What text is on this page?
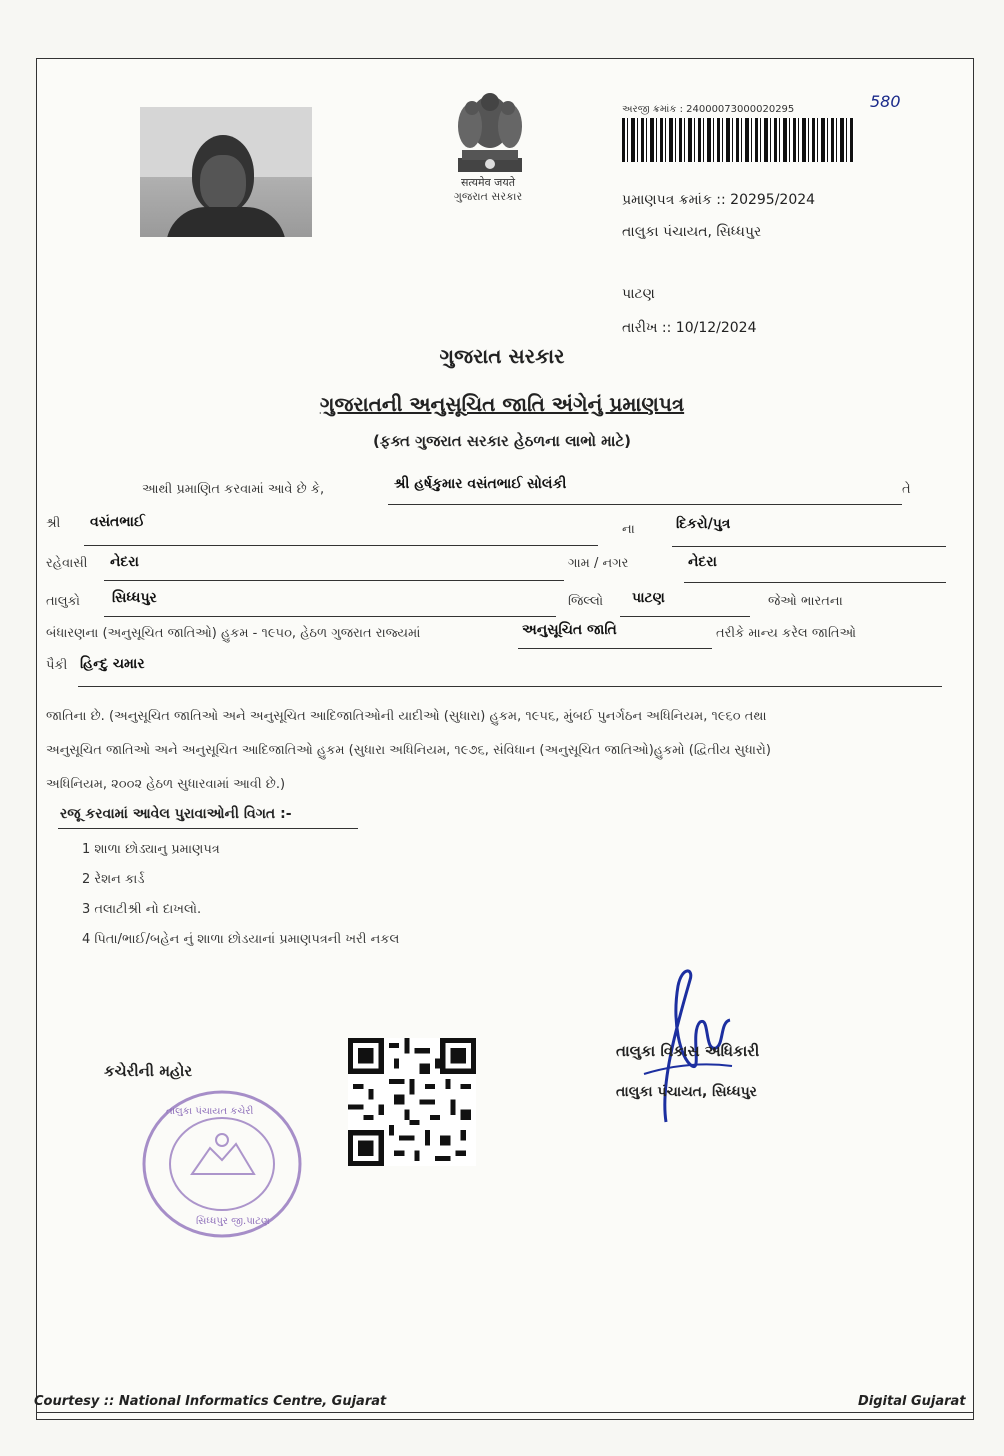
सत्यमेव जयते
ગુજરાત સરકાર
અરજી ક્રમાંક : 24000073000020295	580
પ્રમાણપત્ર ક્રમાંક :: 20295/2024
તાલુકા પંચાયત, સિધ્ધપુર
પાટણ
તારીખ :: 10/12/2024
ગુજરાત સરકાર
ગુજરાતની અનુસૂચિત જાતિ અંગેનું પ્રમાણપત્ર
(ફક્ત ગુજરાત સરકાર હેઠળના લાભો માટે)
આથી પ્રમાણિત કરવામાં આવે છે કે,	શ્રી હર્ષકુમાર વસંતભાઈ સોલંકી	તે
શ્રી વસંતભાઈ	ના	દિકરો/પુત્ર
રહેવાસી નેદરા	ગામ / નગર	નેદરા
તાલુકો સિધ્ધપુર	જિલ્લો પાટણ	જેઓ ભારતના
બંધારણના (અનુસૂચિત જાતિઓ) હુકમ - ૧૯૫૦, હેઠળ ગુજરાત રાજ્યમાં	અનુસૂચિત જાતિ	તરીકે માન્ય કરેલ જાતિઓ
પૈકી હિન્દુ ચમાર
જાતિના છે. (અનુસૂચિત જાતિઓ અને અનુસૂચિત આદિજાતિઓની યાદીઓ (સુધારા) હુકમ, ૧૯૫૬, મુંબઈ પુનર્ગઠન અધિનિયમ, ૧૯૬૦ તથા
અનુસૂચિત જાતિઓ અને અનુસૂચિત આદિજાતિઓ હુકમ (સુધારા અધિનિયમ, ૧૯૭૬, સંવિધાન (અનુસૂચિત જાતિઓ)હુકમો (દ્વિતીય સુધારો)
અધિનિયમ, ૨૦૦૨ હેઠળ સુધારવામાં આવી છે.)
રજૂ કરવામાં આવેલ પુરાવાઓની વિગત :-
1 શાળા છોડ્યાનુ પ્રમાણપત્ર
2 રેશન કાર્ડ
3 તલાટીશ્રી નો દાખલો.
4 પિતા/ભાઈ/બહેન નું શાળા છોડયાનાં પ્રમાણપત્રની ખરી નકલ
કચેરીની મહોર
તાલુકા પંચાયત કચેરી
સિધ્ધપુર જી.પાટણ
તાલુકા વિકાસ અધિકારી
તાલુકા પંચાયત, સિધ્ધપુર
Courtesy :: National Informatics Centre, Gujarat	Digital Gujarat
